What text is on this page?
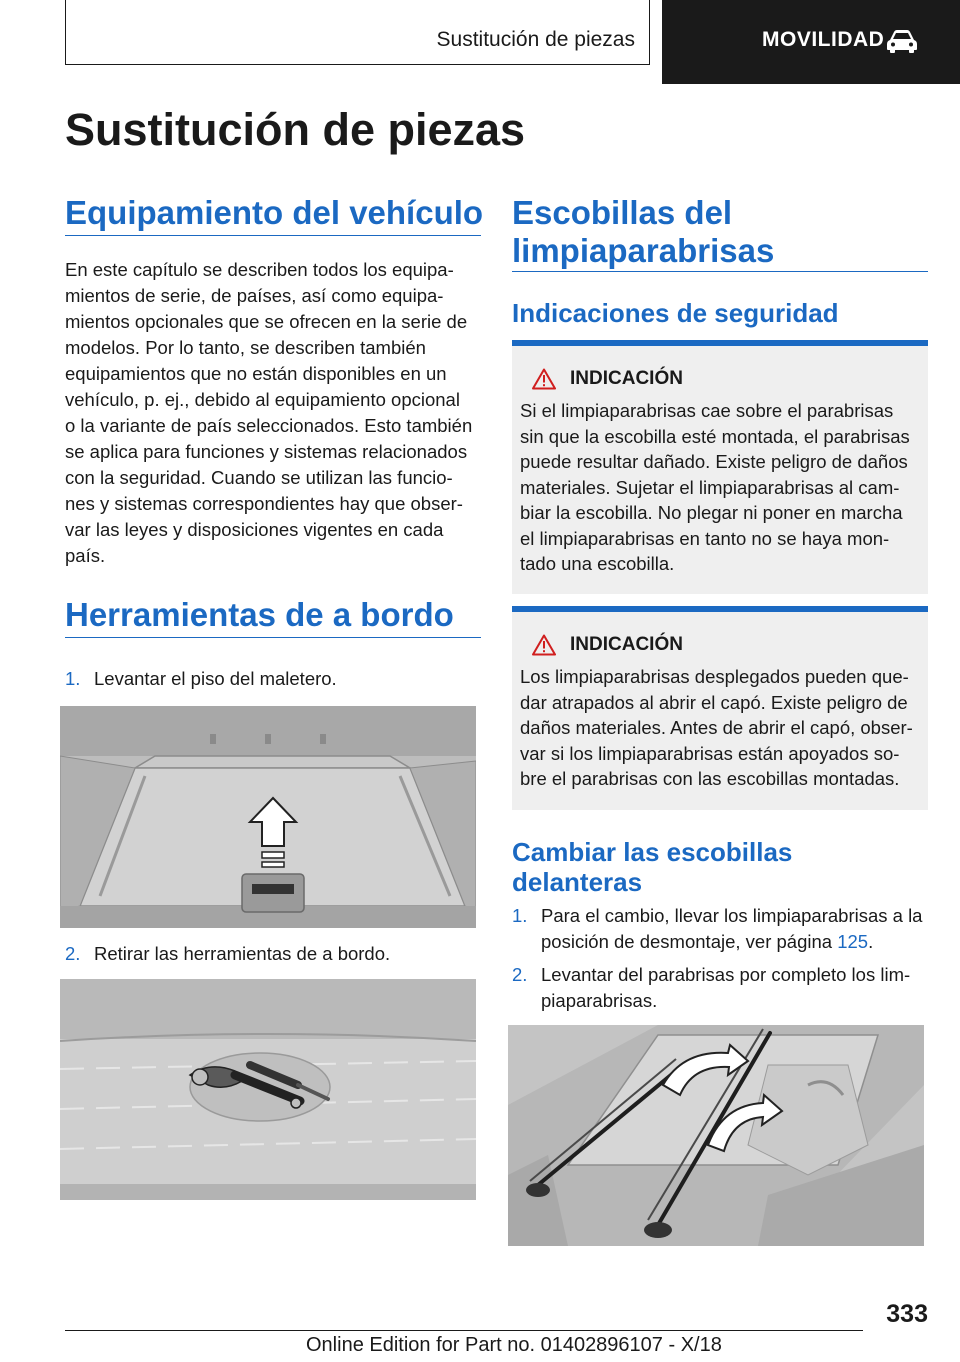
Sustitución de piezas	MOVILIDAD
Sustitución de piezas
Equipamiento del vehículo
En este capítulo se describen todos los equipa-
mientos de serie, de países, así como equipa-
mientos opcionales que se ofrecen en la serie de
modelos. Por lo tanto, se describen también
equipamientos que no están disponibles en un
vehículo, p. ej., debido al equipamiento opcional
o la variante de país seleccionados. Esto también
se aplica para funciones y sistemas relacionados
con la seguridad. Cuando se utilizan las funcio-
nes y sistemas correspondientes hay que obser-
var las leyes y disposiciones vigentes en cada
país.
Herramientas de a bordo
1. Levantar el piso del maletero.
2. Retirar las herramientas de a bordo.
Escobillas del
limpiaparabrisas
Indicaciones de seguridad
INDICACIÓN
Si el limpiaparabrisas cae sobre el parabrisas
sin que la escobilla esté montada, el parabrisas
puede resultar dañado. Existe peligro de daños
materiales. Sujetar el limpiaparabrisas al cam-
biar la escobilla. No plegar ni poner en marcha
el limpiaparabrisas en tanto no se haya mon-
tado una escobilla.
INDICACIÓN
Los limpiaparabrisas desplegados pueden que-
dar atrapados al abrir el capó. Existe peligro de
daños materiales. Antes de abrir el capó, obser-
var si los limpiaparabrisas están apoyados so-
bre el parabrisas con las escobillas montadas.
Cambiar las escobillas
delanteras
1. Para el cambio, llevar los limpiaparabrisas a la
posición de desmontaje, ver página 125.
2. Levantar del parabrisas por completo los lim-
piaparabrisas.
333
Online Edition for Part no. 01402896107 - X/18
